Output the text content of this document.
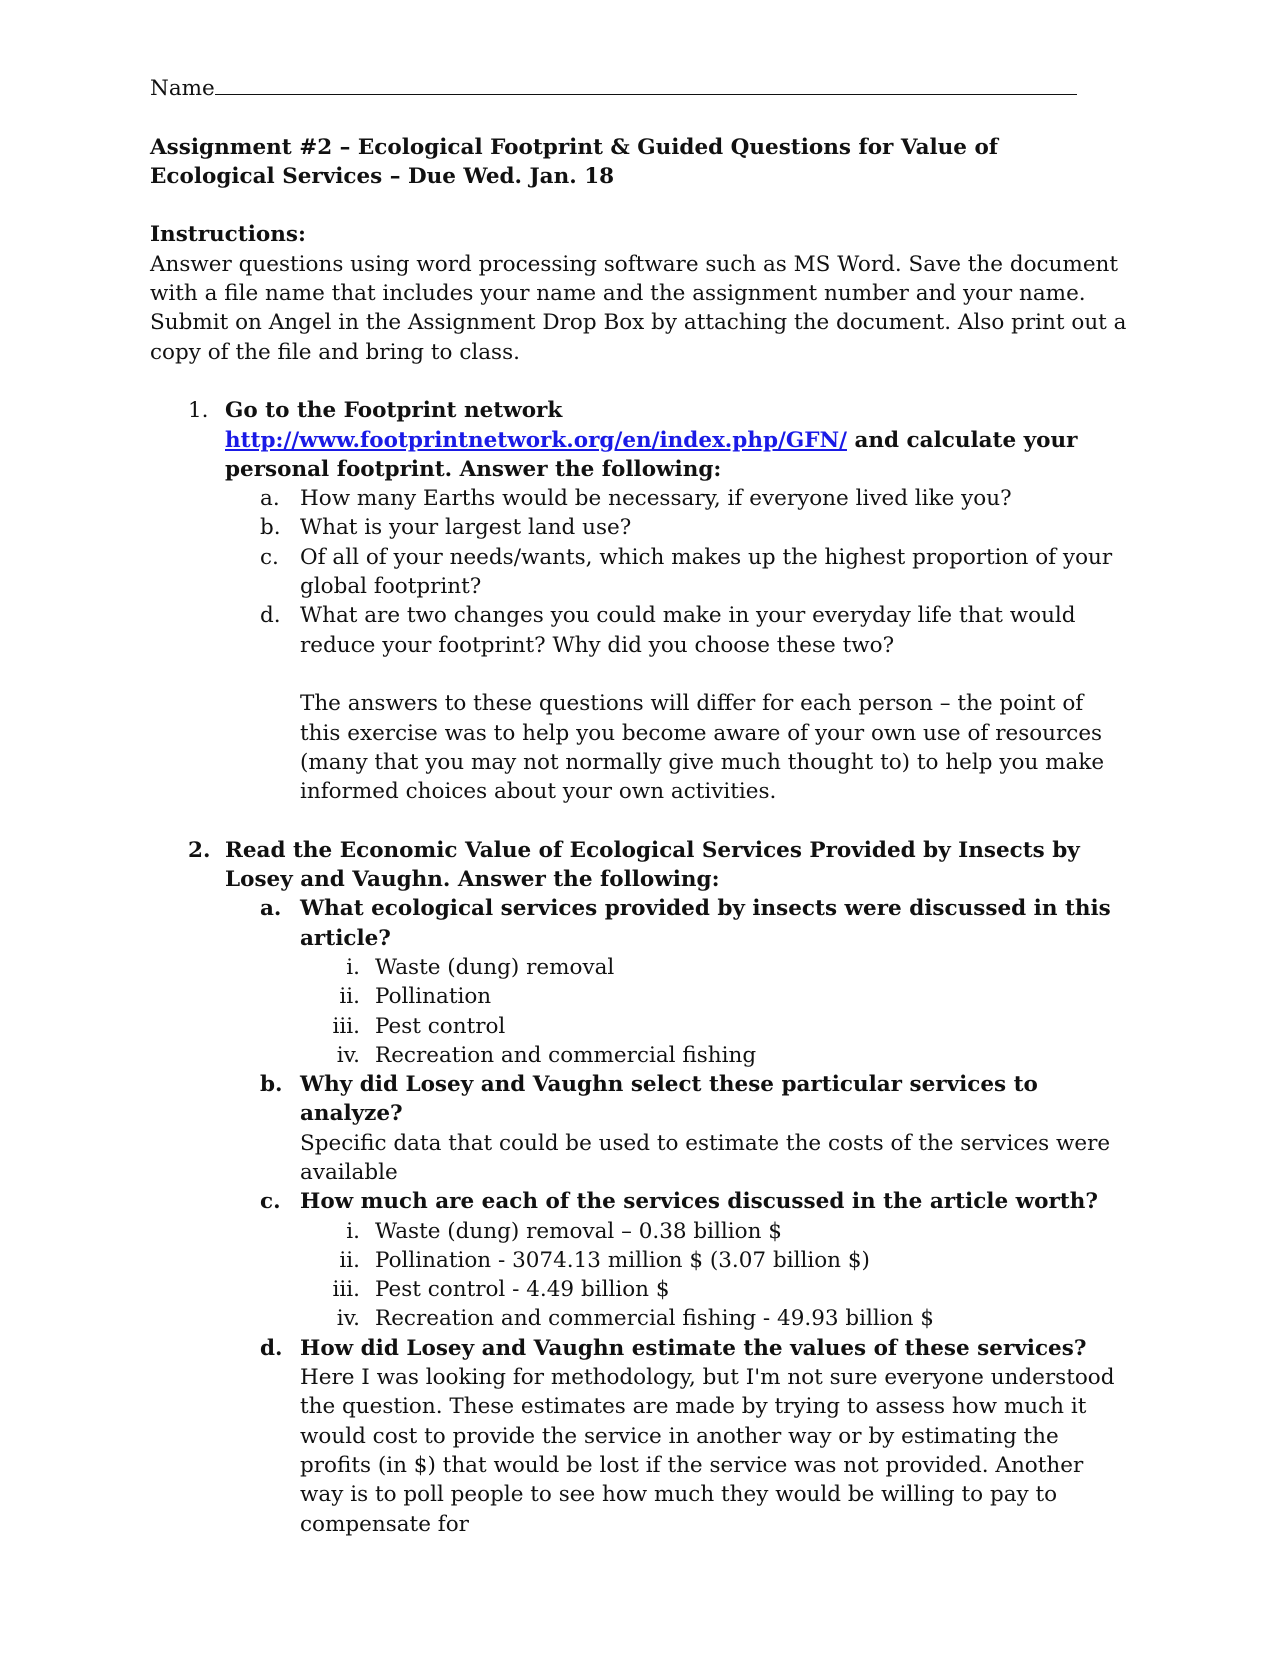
Name

Assignment #2 – Ecological Footprint & Guided Questions for Value of Ecological Services – Due Wed. Jan. 18

Instructions:

Answer questions using word processing software such as MS Word. Save the document with a file name that includes your name and the assignment number and your name. Submit on Angel in the Assignment Drop Box by attaching the document. Also print out a copy of the file and bring to class.

1. Go to the Footprint network http://www.footprintnetwork.org/en/index.php/GFN/ and calculate your personal footprint. Answer the following:
a. How many Earths would be necessary, if everyone lived like you?
b. What is your largest land use?
c. Of all of your needs/wants, which makes up the highest proportion of your global footprint?
d. What are two changes you could make in your everyday life that would reduce your footprint? Why did you choose these two?

The answers to these questions will differ for each person – the point of this exercise was to help you become aware of your own use of resources (many that you may not normally give much thought to) to help you make informed choices about your own activities.

2. Read the Economic Value of Ecological Services Provided by Insects by Losey and Vaughn. Answer the following:
a. What ecological services provided by insects were discussed in this article?
i. Waste (dung) removal
ii. Pollination
iii. Pest control
iv. Recreation and commercial fishing
b. Why did Losey and Vaughn select these particular services to analyze?

Specific data that could be used to estimate the costs of the services were available

c. How much are each of the services discussed in the article worth?
i. Waste (dung) removal – 0.38 billion $
ii. Pollination - 3074.13 million $ (3.07 billion $)
iii. Pest control - 4.49 billion $
iv. Recreation and commercial fishing - 49.93 billion $
d. How did Losey and Vaughn estimate the values of these services?

Here I was looking for methodology, but I'm not sure everyone understood the question. These estimates are made by trying to assess how much it would cost to provide the service in another way or by estimating the profits (in $) that would be lost if the service was not provided. Another way is to poll people to see how much they would be willing to pay to compensate for
